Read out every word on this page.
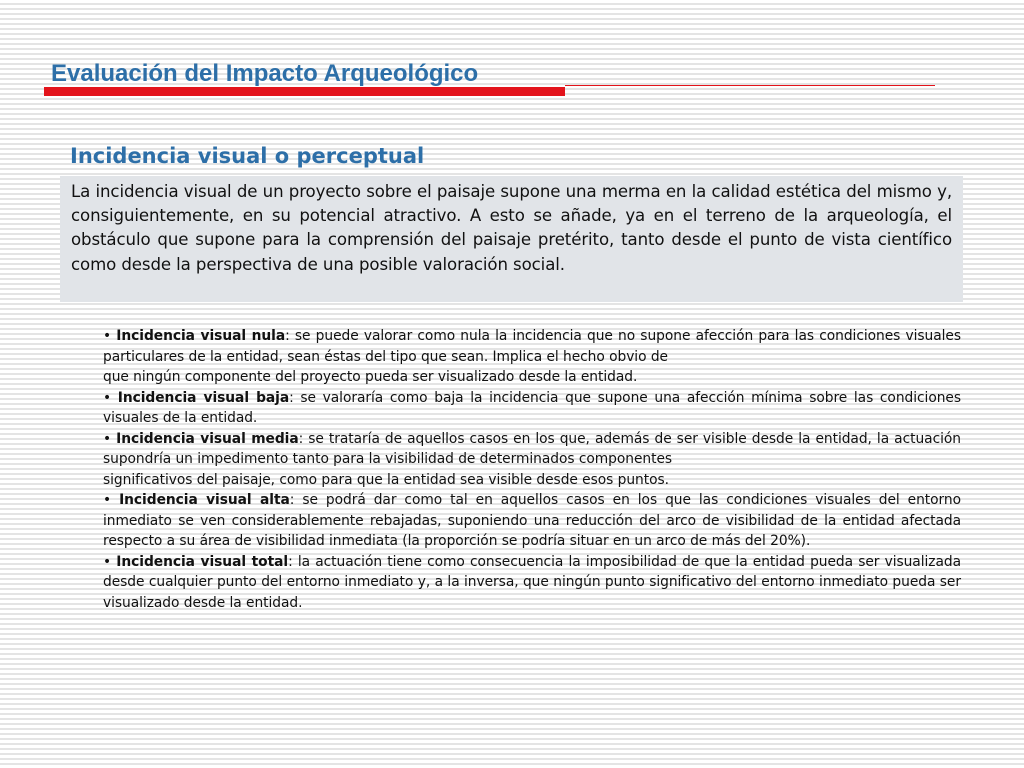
Evaluación del Impacto Arqueológico
Incidencia visual o perceptual

La incidencia visual de un proyecto sobre el paisaje supone una merma en la calidad estética del mismo y, consiguientemente, en su potencial atractivo. A esto se añade, ya en el terreno de la arqueología, el obstáculo que supone para la comprensión del paisaje pretérito, tanto desde el punto de vista científico como desde la perspectiva de una posible valoración social.

• Incidencia visual nula: se puede valorar como nula la incidencia que no supone afección para las condiciones visuales particulares de la entidad, sean éstas del tipo que sean. Implica el hecho obvio de

que ningún componente del proyecto pueda ser visualizado desde la entidad.

• Incidencia visual baja: se valoraría como baja la incidencia que supone una afección mínima sobre las condiciones visuales de la entidad.

• Incidencia visual media: se trataría de aquellos casos en los que, además de ser visible desde la entidad, la actuación supondría un impedimento tanto para la visibilidad de determinados componentes

significativos del paisaje, como para que la entidad sea visible desde esos puntos.

• Incidencia visual alta: se podrá dar como tal en aquellos casos en los que las condiciones visuales del entorno inmediato se ven considerablemente rebajadas, suponiendo una reducción del arco de visibilidad de la entidad afectada respecto a su área de visibilidad inmediata (la proporción se podría situar en un arco de más del 20%).

• Incidencia visual total: la actuación tiene como consecuencia la imposibilidad de que la entidad pueda ser visualizada desde cualquier punto del entorno inmediato y, a la inversa, que ningún punto significativo del entorno inmediato pueda ser visualizado desde la entidad.
